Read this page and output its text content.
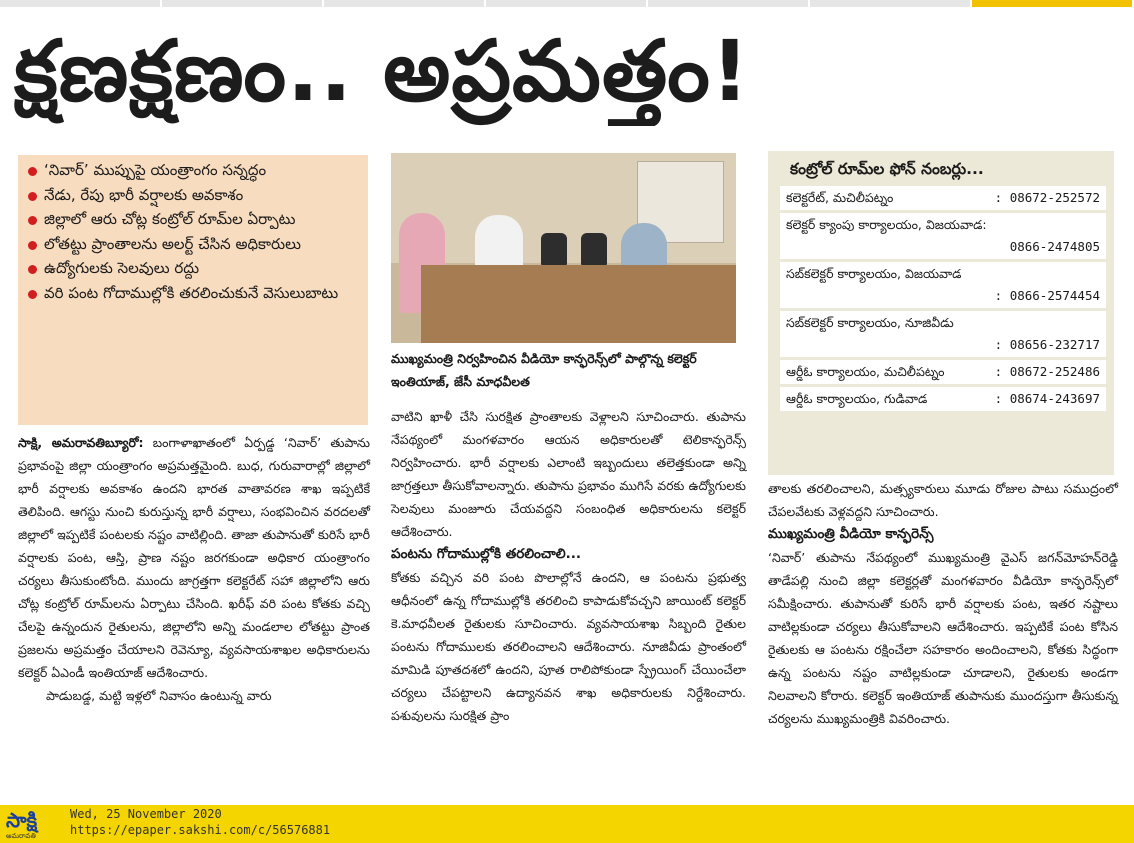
క్షణక్షణం.. అప్రమత్తం!
‘నివార్’ ముప్పుపై యంత్రాంగం సన్నద్ధం
నేడు, రేపు భారీ వర్షాలకు అవకాశం
జిల్లాలో ఆరు చోట్ల కంట్రోల్ రూమ్‌ల ఏర్పాటు
లోతట్టు ప్రాంతాలను అలర్ట్ చేసిన అధికారులు
ఉద్యోగులకు సెలవులు రద్దు
వరి పంట గోదాముల్లోకి తరలించుకునే వెసులుబాటు
సాక్షి, అమరావతిబ్యూరో: బంగాళాఖాతంలో ఏర్పడ్డ ‘నివార్’ తుపాను ప్రభావంపై జిల్లా యంత్రాంగం అప్రమత్తమైంది. బుధ, గురువారాల్లో జిల్లాలో భారీ వర్షాలకు అవకాశం ఉందని భారత వాతావరణ శాఖ ఇప్పటికే తెలిపింది. ఆగస్టు నుంచి కురుస్తున్న భారీ వర్షాలు, సంభవించిన వరదలతో జిల్లాలో ఇప్పటికే పంటలకు నష్టం వాటిల్లింది. తాజా తుపానుతో కురిసే భారీ వర్షాలకు పంట, ఆస్తి, ప్రాణ నష్టం జరగకుండా అధికార యంత్రాంగం చర్యలు తీసుకుంటోంది. ముందు జాగ్రత్తగా కలెక్టరేట్ సహా జిల్లాలోని ఆరు చోట్ల కంట్రోల్ రూమ్‌లను ఏర్పాటు చేసింది. ఖరీఫ్ వరి పంట కోతకు వచ్చి చేలపై ఉన్నందున రైతులను, జిల్లాలోని అన్ని మండలాల లోతట్టు ప్రాంత ప్రజలను అప్రమత్తం చేయాలని రెవెన్యూ, వ్యవసాయశాఖల అధికారులను కలెక్టర్ ఏఎండీ ఇంతియాజ్ ఆదేశించారు.
పాడుబడ్డ, మట్టి ఇళ్లలో నివాసం ఉంటున్న వారు
ముఖ్యమంత్రి నిర్వహించిన వీడియో కాన్ఫరెన్స్‌లో పాల్గొన్న కలెక్టర్ ఇంతియాజ్, జేసీ మాధవీలత
వాటిని ఖాళీ చేసి సురక్షిత ప్రాంతాలకు వెళ్లాలని సూచించారు. తుపాను నేపథ్యంలో మంగళవారం ఆయన అధికారులతో టెలికాన్ఫరెన్స్ నిర్వహించారు. భారీ వర్షాలకు ఎలాంటి ఇబ్బందులు తలెత్తకుండా అన్ని జాగ్రత్తలూ తీసుకోవాలన్నారు. తుపాను ప్రభావం ముగిసే వరకు ఉద్యోగులకు సెలవులు మంజూరు చేయవద్దని సంబంధిత అధికారులను కలెక్టర్ ఆదేశించారు.
పంటను గోదాముల్లోకి తరలించాలి...
కోతకు వచ్చిన వరి పంట పొలాల్లోనే ఉందని, ఆ పంటను ప్రభుత్వ ఆధీనంలో ఉన్న గోదాముల్లోకి తరలించి కాపాడుకోవచ్చని జాయింట్ కలెక్టర్ కె.మాధవీలత రైతులకు సూచించారు. వ్యవసాయశాఖ సిబ్బంది రైతుల పంటను గోదాములకు తరలించాలని ఆదేశించారు. నూజివీడు ప్రాంతంలో మామిడి పూతదశలో ఉందని, పూత రాలిపోకుండా స్ప్రేయింగ్ చేయించేలా చర్యలు చేపట్టాలని ఉద్యానవన శాఖ అధికారులకు నిర్దేశించారు. పశువులను సురక్షిత ప్రాం
కంట్రోల్ రూమ్‌ల ఫోన్ నంబర్లు...
కలెక్టరేట్, మచిలీపట్నం	: 08672-252572
కలెక్టర్ క్యాంపు కార్యాలయం, విజయవాడ:
0866-2474805
సబ్‌కలెక్టర్ కార్యాలయం, విజయవాడ
: 0866-2574454
సబ్‌కలెక్టర్ కార్యాలయం, నూజివీడు
: 08656-232717
ఆర్డీఓ కార్యాలయం, మచిలీపట్నం	: 08672-252486
ఆర్డీఓ కార్యాలయం, గుడివాడ	: 08674-243697
తాలకు తరలించాలని, మత్స్యకారులు మూడు రోజుల పాటు సముద్రంలో చేపలవేటకు వెళ్లవద్దని సూచించారు.
ముఖ్యమంత్రి వీడియో కాన్ఫరెన్స్
‘నివార్’ తుపాను నేపథ్యంలో ముఖ్యమంత్రి వైఎస్ జగన్‌మోహన్‌రెడ్డి తాడేపల్లి నుంచి జిల్లా కలెక్టర్లతో మంగళవారం వీడియో కాన్ఫరెన్స్‌లో సమీక్షించారు. తుపానుతో కురిసే భారీ వర్షాలకు పంట, ఇతర నష్టాలు వాటిల్లకుండా చర్యలు తీసుకోవాలని ఆదేశించారు. ఇప్పటికే పంట కోసిన రైతులకు ఆ పంటను రక్షించేలా సహకారం అందించాలని, కోతకు సిద్ధంగా ఉన్న పంటను నష్టం వాటిల్లకుండా చూడాలని, రైతులకు అండగా నిలవాలని కోరారు. కలెక్టర్ ఇంతియాజ్ తుపానుకు ముందస్తుగా తీసుకున్న చర్యలను ముఖ్యమంత్రికి వివరించారు.
సాక్షి
అమరావతి
Wed, 25 November 2020
https://epaper.sakshi.com/c/56576881
